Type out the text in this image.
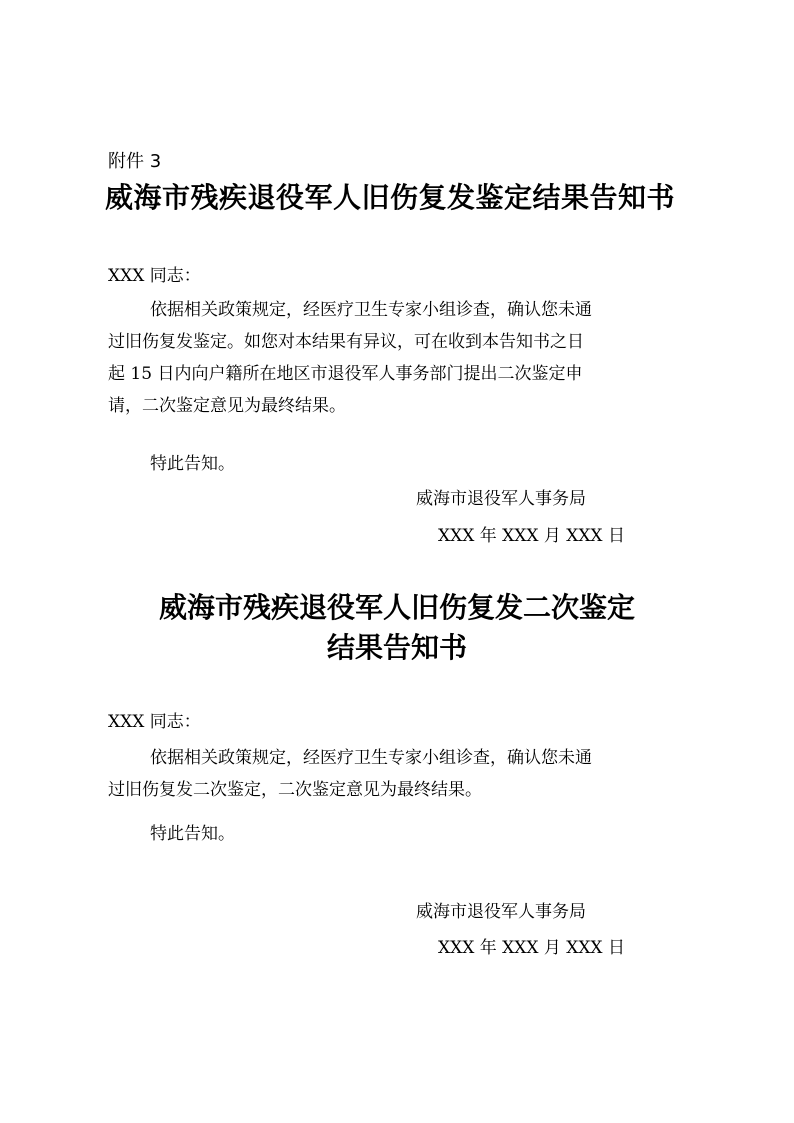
附件 3
威海市残疾退役军人旧伤复发鉴定结果告知书
XXX 同志：
依据相关政策规定，经医疗卫生专家小组诊查，确认您未通
过旧伤复发鉴定。如您对本结果有异议，可在收到本告知书之日
起 15 日内向户籍所在地区市退役军人事务部门提出二次鉴定申
请，二次鉴定意见为最终结果。
特此告知。
威海市退役军人事务局
XXX 年 XXX 月 XXX 日
威海市残疾退役军人旧伤复发二次鉴定
结果告知书
XXX 同志：
依据相关政策规定，经医疗卫生专家小组诊查，确认您未通
过旧伤复发二次鉴定，二次鉴定意见为最终结果。
特此告知。
威海市退役军人事务局
XXX 年 XXX 月 XXX 日
